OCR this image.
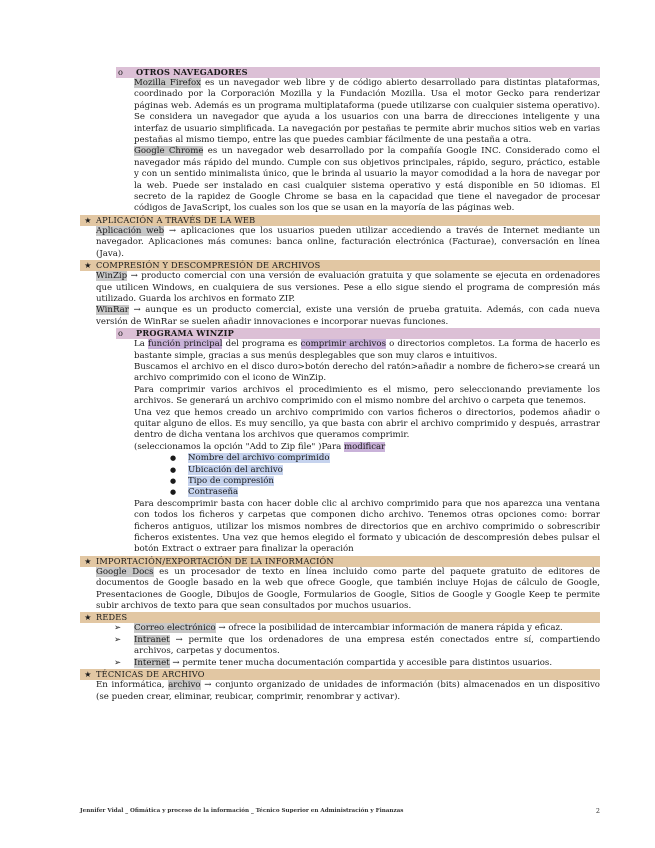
o OTROS NAVEGADORES

Mozilla Firefox es un navegador web libre y de código abierto desarrollado para distintas plataformas, coordinado por la Corporación Mozilla y la Fundación Mozilla. Usa el motor Gecko para renderizar páginas web. Además es un programa multiplataforma (puede utilizarse con cualquier sistema operativo). Se considera un navegador que ayuda a los usuarios con una barra de direcciones inteligente y una interfaz de usuario simplificada. La navegación por pestañas te permite abrir muchos sitios web en varias pestañas al mismo tiempo, entre las que puedes cambiar fácilmente de una pestaña a otra.

Google Chrome es un navegador web desarrollado por la compañía Google INC. Considerado como el navegador más rápido del mundo. Cumple con sus objetivos principales, rápido, seguro, práctico, estable y con un sentido minimalista único, que le brinda al usuario la mayor comodidad a la hora de navegar por la web. Puede ser instalado en casi cualquier sistema operativo y está disponible en 50 idiomas. El secreto de la rapidez de Google Chrome se basa en la capacidad que tiene el navegador de procesar códigos de JavaScript, los cuales son los que se usan en la mayoría de las páginas web.

★ APLICACIÓN A TRAVÉS DE LA WEB

Aplicación web → aplicaciones que los usuarios pueden utilizar accediendo a través de Internet mediante un navegador. Aplicaciones más comunes: banca online, facturación electrónica (Facturae), conversación en línea (Java).

★ COMPRESIÓN Y DESCOMPRESIÓN DE ARCHIVOS

WinZip → producto comercial con una versión de evaluación gratuita y que solamente se ejecuta en ordenadores que utilicen Windows, en cualquiera de sus versiones. Pese a ello sigue siendo el programa de compresión más utilizado. Guarda los archivos en formato ZIP.

WinRar → aunque es un producto comercial, existe una versión de prueba gratuita. Además, con cada nueva versión de WinRar se suelen añadir innovaciones e incorporar nuevas funciones.

o PROGRAMA WINZIP

La función principal del programa es comprimir archivos o directorios completos. La forma de hacerlo es bastante simple, gracias a sus menús desplegables que son muy claros e intuitivos.

Buscamos el archivo en el disco duro>botón derecho del ratón>añadir a nombre de fichero>se creará un archivo comprimido con el icono de WinZip.

Para comprimir varios archivos el procedimiento es el mismo, pero seleccionando previamente los archivos. Se generará un archivo comprimido con el mismo nombre del archivo o carpeta que tenemos.

Una vez que hemos creado un archivo comprimido con varios ficheros o directorios, podemos añadir o quitar alguno de ellos. Es muy sencillo, ya que basta con abrir el archivo comprimido y después, arrastrar dentro de dicha ventana los archivos que queramos comprimir.

(seleccionamos la opción "Add to Zip file" )Para modificar

● Nombre del archivo comprimido
● Ubicación del archivo
● Tipo de compresión
● Contraseña

Para descomprimir basta con hacer doble clic al archivo comprimido para que nos aparezca una ventana con todos los ficheros y carpetas que componen dicho archivo. Tenemos otras opciones como: borrar ficheros antiguos, utilizar los mismos nombres de directorios que en archivo comprimido o sobrescribir ficheros existentes. Una vez que hemos elegido el formato y ubicación de descompresión debes pulsar el botón Extract o extraer para finalizar la operación

★ IMPORTACIÓN/EXPORTACIÓN DE LA INFORMACIÓN

Google Docs es un procesador de texto en línea incluido como parte del paquete gratuito de editores de documentos de Google basado en la web que ofrece Google, que también incluye Hojas de cálculo de Google, Presentaciones de Google, Dibujos de Google, Formularios de Google, Sitios de Google y Google Keep te permite subir archivos de texto para que sean consultados por muchos usuarios.

★ REDES
➢ Correo electrónico → ofrece la posibilidad de intercambiar información de manera rápida y eficaz.
➢ Intranet → permite que los ordenadores de una empresa estén conectados entre sí, compartiendo archivos, carpetas y documentos.
➢ Internet → permite tener mucha documentación compartida y accesible para distintos usuarios.
★ TÉCNICAS DE ARCHIVO

En informática, archivo → conjunto organizado de unidades de información (bits) almacenados en un dispositivo (se pueden crear, eliminar, reubicar, comprimir, renombrar y activar).

Jennifer Vidal _ Ofimática y proceso de la información _ Técnico Superior en Administración y Finanzas	2
